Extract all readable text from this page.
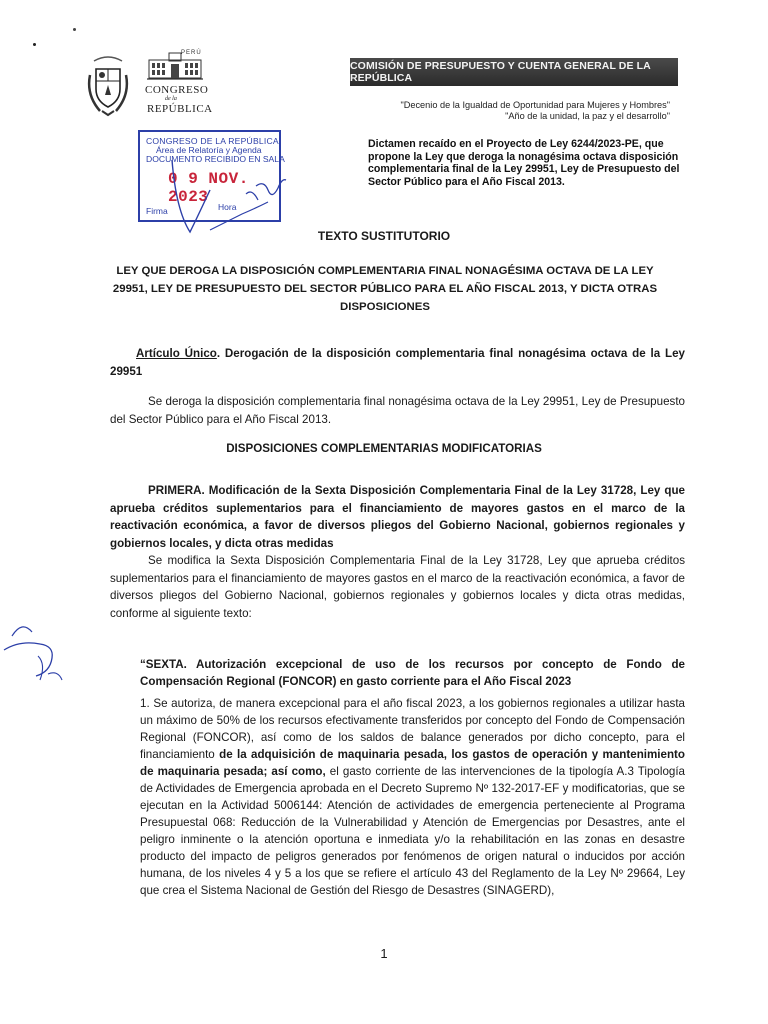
PERÚ
CONGRESO
de la
REPÚBLICA
COMISIÓN DE PRESUPUESTO Y CUENTA GENERAL DE LA REPÚBLICA
"Decenio de la Igualdad de Oportunidad para Mujeres y Hombres"
"Año de la unidad, la paz y el desarrollo"
CONGRESO DE LA REPÚBLICA
Área de Relatoría y Agenda
DOCUMENTO RECIBIDO EN SALA
0 9 NOV. 2023
Firma	Hora
Dictamen recaído en el Proyecto de Ley 6244/2023-PE, que propone la Ley que deroga la nonagésima octava disposición complementaria final de la Ley 29951, Ley de Presupuesto del Sector Público para el Año Fiscal 2013.
TEXTO SUSTITUTORIO
LEY QUE DEROGA LA DISPOSICIÓN COMPLEMENTARIA FINAL NONAGÉSIMA OCTAVA DE LA LEY 29951, LEY DE PRESUPUESTO DEL SECTOR PÚBLICO PARA EL AÑO FISCAL 2013, Y DICTA OTRAS DISPOSICIONES
Artículo Único. Derogación de la disposición complementaria final nonagésima octava de la Ley 29951
Se deroga la disposición complementaria final nonagésima octava de la Ley 29951, Ley de Presupuesto del Sector Público para el Año Fiscal 2013.
DISPOSICIONES COMPLEMENTARIAS MODIFICATORIAS
PRIMERA. Modificación de la Sexta Disposición Complementaria Final de la Ley 31728, Ley que aprueba créditos suplementarios para el financiamiento de mayores gastos en el marco de la reactivación económica, a favor de diversos pliegos del Gobierno Nacional, gobiernos regionales y gobiernos locales, y dicta otras medidas
Se modifica la Sexta Disposición Complementaria Final de la Ley 31728, Ley que aprueba créditos suplementarios para el financiamiento de mayores gastos en el marco de la reactivación económica, a favor de diversos pliegos del Gobierno Nacional, gobiernos regionales y gobiernos locales y dicta otras medidas, conforme al siguiente texto:
“SEXTA. Autorización excepcional de uso de los recursos por concepto de Fondo de Compensación Regional (FONCOR) en gasto corriente para el Año Fiscal 2023
1. Se autoriza, de manera excepcional para el año fiscal 2023, a los gobiernos regionales a utilizar hasta un máximo de 50% de los recursos efectivamente transferidos por concepto del Fondo de Compensación Regional (FONCOR), así como de los saldos de balance generados por dicho concepto, para el financiamiento de la adquisición de maquinaria pesada, los gastos de operación y mantenimiento de maquinaria pesada; así como, el gasto corriente de las intervenciones de la tipología A.3 Tipología de Actividades de Emergencia aprobada en el Decreto Supremo Nº 132-2017-EF y modificatorias, que se ejecutan en la Actividad 5006144: Atención de actividades de emergencia perteneciente al Programa Presupuestal 068: Reducción de la Vulnerabilidad y Atención de Emergencias por Desastres, ante el peligro inminente o la atención oportuna e inmediata y/o la rehabilitación en las zonas en desastre producto del impacto de peligros generados por fenómenos de origen natural o inducidos por acción humana, de los niveles 4 y 5 a los que se refiere el artículo 43 del Reglamento de la Ley Nº 29664, Ley que crea el Sistema Nacional de Gestión del Riesgo de Desastres (SINAGERD),
1
